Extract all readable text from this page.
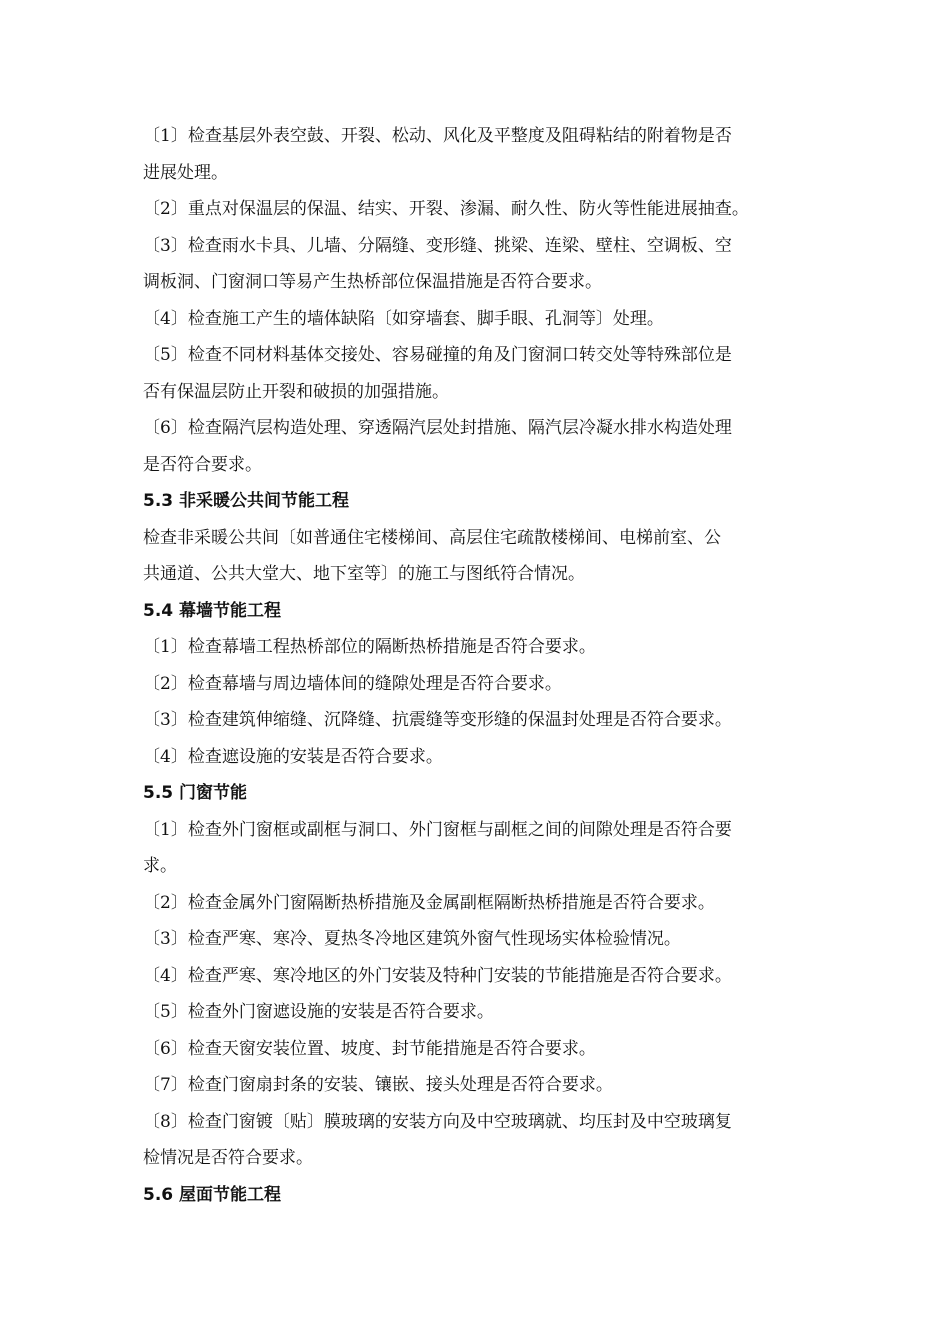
〔1〕检查基层外表空鼓、开裂、松动、风化及平整度及阻碍粘结的附着物是否
进展处理。
〔2〕重点对保温层的保温、结实、开裂、渗漏、耐久性、防火等性能进展抽查。
〔3〕检查雨水卡具、儿墙、分隔缝、变形缝、挑梁、连梁、壁柱、空调板、空
调板洞、门窗洞口等易产生热桥部位保温措施是否符合要求。
〔4〕检查施工产生的墙体缺陷〔如穿墙套、脚手眼、孔洞等〕处理。
〔5〕检查不同材料基体交接处、容易碰撞的角及门窗洞口转交处等特殊部位是
否有保温层防止开裂和破损的加强措施。
〔6〕检查隔汽层构造处理、穿透隔汽层处封措施、隔汽层冷凝水排水构造处理
是否符合要求。
5.3 非采暖公共间节能工程
检查非采暖公共间〔如普通住宅楼梯间、高层住宅疏散楼梯间、电梯前室、公
共通道、公共大堂大、地下室等〕的施工与图纸符合情况。
5.4 幕墙节能工程
〔1〕检查幕墙工程热桥部位的隔断热桥措施是否符合要求。
〔2〕检查幕墙与周边墙体间的缝隙处理是否符合要求。
〔3〕检查建筑伸缩缝、沉降缝、抗震缝等变形缝的保温封处理是否符合要求。
〔4〕检查遮设施的安装是否符合要求。
5.5 门窗节能
〔1〕检查外门窗框或副框与洞口、外门窗框与副框之间的间隙处理是否符合要
求。
〔2〕检查金属外门窗隔断热桥措施及金属副框隔断热桥措施是否符合要求。
〔3〕检查严寒、寒冷、夏热冬冷地区建筑外窗气性现场实体检验情况。
〔4〕检查严寒、寒冷地区的外门安装及特种门安装的节能措施是否符合要求。
〔5〕检查外门窗遮设施的安装是否符合要求。
〔6〕检查天窗安装位置、坡度、封节能措施是否符合要求。
〔7〕检查门窗扇封条的安装、镶嵌、接头处理是否符合要求。
〔8〕检查门窗镀〔贴〕膜玻璃的安装方向及中空玻璃就、均压封及中空玻璃复
检情况是否符合要求。
5.6 屋面节能工程
